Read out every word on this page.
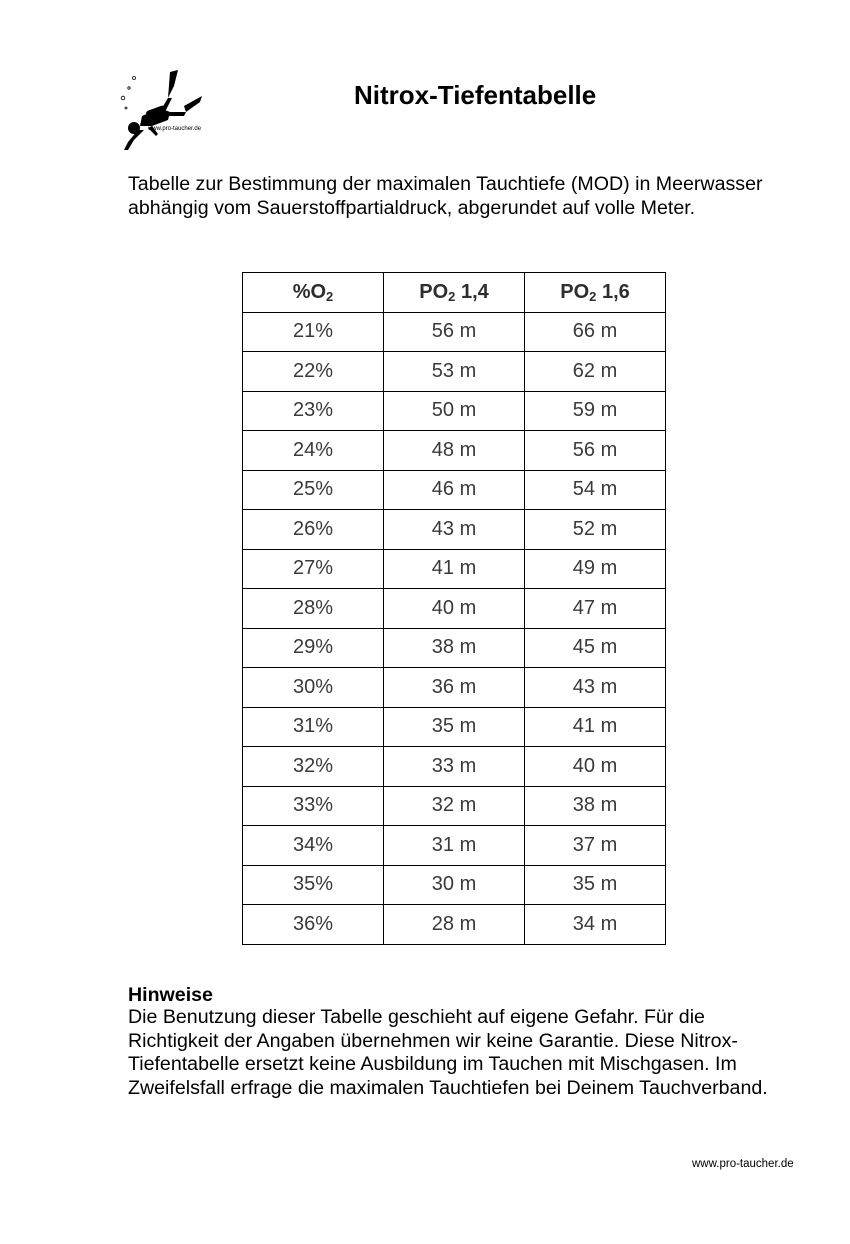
www.pro-taucher.de
Nitrox-Tiefentabelle

Tabelle zur Bestimmung der maximalen Tauchtiefe (MOD) in Meerwasser abhängig vom Sauerstoffpartialdruck, abgerundet auf volle Meter.

$\%O_2$	$PO_2$ 1,4	$PO_2$ 1,6
21%	56 m	66 m
22%	53 m	62 m
23%	50 m	59 m
24%	48 m	56 m
25%	46 m	54 m
26%	43 m	52 m
27%	41 m	49 m
28%	40 m	47 m
29%	38 m	45 m
30%	36 m	43 m
31%	35 m	41 m
32%	33 m	40 m
33%	32 m	38 m
34%	31 m	37 m
35%	30 m	35 m
36%	28 m	34 m
Hinweise

Die Benutzung dieser Tabelle geschieht auf eigene Gefahr. Für die Richtigkeit der Angaben übernehmen wir keine Garantie. Diese Nitrox-Tiefentabelle ersetzt keine Ausbildung im Tauchen mit Mischgasen. Im Zweifelsfall erfrage die maximalen Tauchtiefen bei Deinem Tauchverband.

www.pro-taucher.de
